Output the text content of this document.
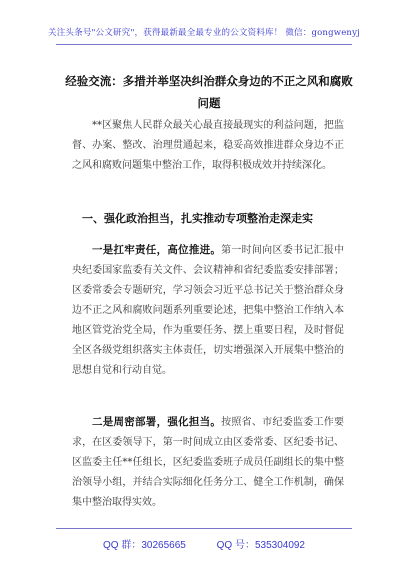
关注头条号"公文研究"，获得最新最全最专业的公文资料库！ 微信：gongwenyj
经验交流：多措并举坚决纠治群众身边的不正之风和腐败问题

**区聚焦人民群众最关心最直接最现实的利益问题，把监督、办案、整改、治理贯通起来，稳妥高效推进群众身边不正之风和腐败问题集中整治工作，取得积极成效并持续深化。

一、强化政治担当，扎实推动专项整治走深走实

一是扛牢责任，高位推进。第一时间向区委书记汇报中央纪委国家监委有关文件、会议精神和省纪委监委安排部署；区委常委会专题研究，学习领会习近平总书记关于整治群众身边不正之风和腐败问题系列重要论述，把集中整治工作纳入本地区管党治党全局，作为重要任务、摆上重要日程，及时督促全区各级党组织落实主体责任，切实增强深入开展集中整治的思想自觉和行动自觉。

二是周密部署，强化担当。按照省、市纪委监委工作要求，在区委领导下，第一时间成立由区委常委、区纪委书记、区监委主任**任组长，区纪委监委班子成员任副组长的集中整治领导小组，并结合实际细化任务分工、健全工作机制，确保集中整治取得实效。

QQ 群：30265665	QQ 号：535304092
